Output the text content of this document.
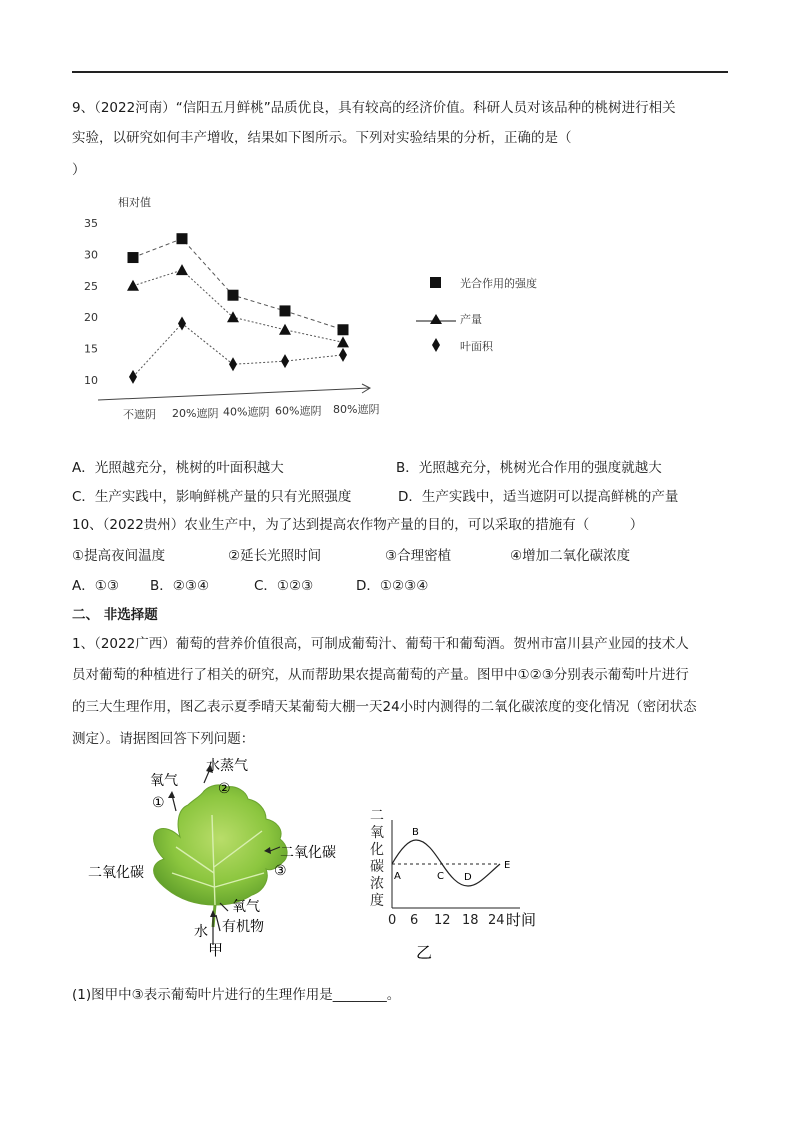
9、（2022河南）“信阳五月鲜桃”品质优良，具有较高的经济价值。科研人员对该品种的桃树进行相关
实验，以研究如何丰产增收，结果如下图所示。下列对实验结果的分析，正确的是（
）
相对值
35
30
25
20
15
10
不遮阴 20%遮阴 40%遮阴 60%遮阴 80%遮阴
光合作用的强度
产量
叶面积
A．光照越充分，桃树的叶面积越大	B．光照越充分，桃树光合作用的强度就越大
C．生产实践中，影响鲜桃产量的只有光照强度	D．生产实践中，适当遮阴可以提高鲜桃的产量
10、（2022贵州）农业生产中，为了达到提高农作物产量的目的，可以采取的措施有（　　　）
①提高夜间温度	②延长光照时间	③合理密植	④增加二氧化碳浓度
A．①③ B．②③④	C．①②③	D．①②③④
二、 非选择题
1、（2022广西）葡萄的营养价值很高，可制成葡萄汁、葡萄干和葡萄酒。贺州市富川县产业园的技术人
员对葡萄的种植进行了相关的研究，从而帮助果农提高葡萄的产量。图甲中①②③分别表示葡萄叶片进行
的三大生理作用，图乙表示夏季晴天某葡萄大棚一天24小时内测得的二氧化碳浓度的变化情况（密闭状态
测定）。请据图回答下列问题：
氧气
①
水蒸气
②
二氧化碳
二氧化碳
③
氧气
有机物
水
甲
二
氧
化
碳
浓
度
0 6 12 18 24 时间
A
B
C D
E
乙
(1)图甲中③表示葡萄叶片进行的生理作用是________。
